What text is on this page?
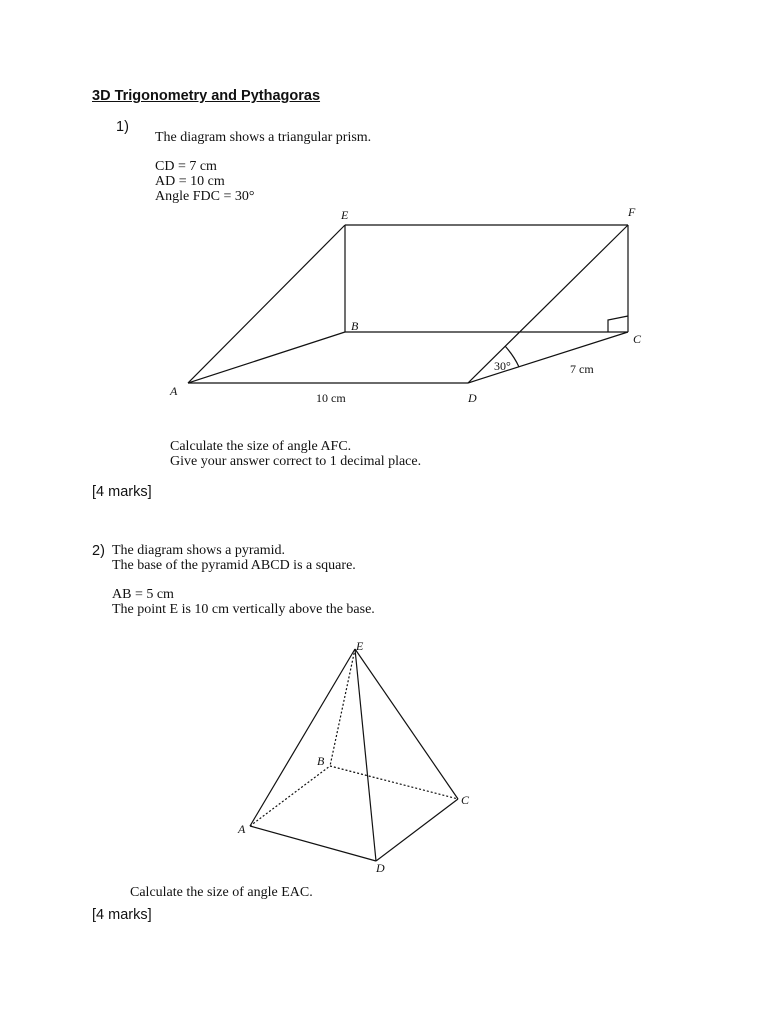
3D Trigonometry and Pythagoras
1)
The diagram shows a triangular prism.
CD = 7 cm
AD = 10 cm
Angle FDC = 30°
E	F
B
C
A	D
10 cm
7 cm
30°
E
B
C
A
D
Calculate the size of angle AFC.
Give your answer correct to 1 decimal place.
[4 marks]
2) The diagram shows a pyramid.
The base of the pyramid ABCD is a square.
AB = 5 cm
The point E is 10 cm vertically above the base.
Calculate the size of angle EAC.
[4 marks]
